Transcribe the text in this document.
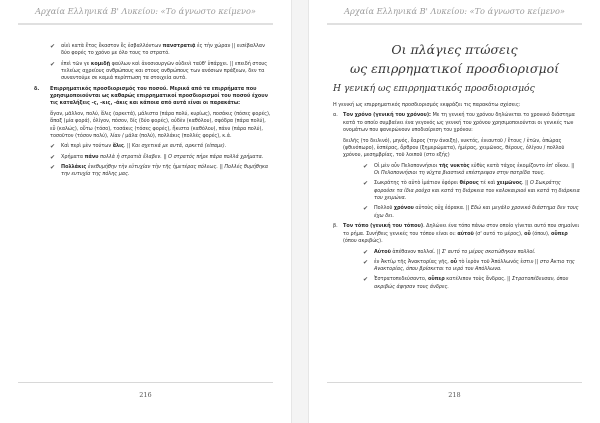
Αρχαία Ελληνικά Β' Λυκείου: «Το άγνωστο κείμενο»
✔ αἰεὶ κατὰ ἔτος ἕκαστον ἔς ἐσβαλλόντων πανστρατιᾷ ἐς τὴν χώραν || εισέβαλλαν δύο φορές το χρόνο με όλο τους το στρατό.
✔ ἐπεὶ τῶν γε κομιδῇ φαύλων καὶ ἀνοσιουργῶν οὐδενὶ ταῦθ' ὑπάρχει. || επειδή στους τελείως αχρείους ανθρώπους και στους ανθρώπους των ανόσιων πράξεων, δεν τα συναντούμε σε καμιά περίπτωση τα στοιχεία αυτά.
δ. Επιρρηματικός προσδιορισμός του ποσού. Μερικά από τα επιρρήματα που χρησιμοποιούνται ως καθαρώς επιρρηματικοί προσδιορισμοί του ποσού έχουν τις καταλήξεις -ς, -κις, -άκις και κάποια από αυτά είναι οι παρακάτω:
ἅγαν, μᾶλλον, πολύ, ἅλις (αρκετά), μάλιστα (πάρα πολύ, κυρίως), ποσάκις (πόσες φορές), ἅπαξ (μία φορά), ὀλίγον, πόσον, δίς (δύο φορές), οὐδὲν (καθόλου), σφόδρα (πάρα πολύ), εὖ (καλώς), οὕτω (τόσο), τοσάκις (τόσες φορές), ἥκιστα (καθόλου), πάνυ (πάρα πολύ), τοσοῦτον (τόσον πολύ), λίαν / μάλα (πολύ), πολλάκις (πολλές φορές), κ.ά.
✔ Καὶ περὶ μὲν τούτων ἅλις. || Και σχετικά με αυτά, αρκετά (είπαμε).
✔ Χρήματα πάνυ πολλὰ ἡ στρατιὰ ἔλαβεν. || Ο στρατός πήρε πάρα πολλά χρήματα.
✔ Πολλάκις ἐνεθυμήθην τὴν εὐτυχίαν τὴν τῆς ἡμετέρας πόλεως. || Πολλές θυμήθηκα την ευτυχία της πόλης μας.
216
Αρχαία Ελληνικά Β' Λυκείου: «Το άγνωστο κείμενο»
Οι πλάγιες πτώσεις
ως επιρρηματικοί προσδιορισμοί
Η γενική ως επιρρηματικός προσδιορισμός
Η γενική ως επιρρηματικός προσδιορισμός εκφράζει τις παρακάτω σχέσεις:
α. Τον χρόνο (γενική του χρόνου): Με τη γενική του χρόνου δηλώνεται το χρονικό διάστημα κατά το οποίο συμβαίνει ένα γεγονός ως γενική του χρόνου χρησιμοποιούνται οι γενικές των ονομάτων που φανερώνουν υποδιαίρεση του χρόνου:
δειλῆς (το δειλινό), μηνός, ἔαρος (την άνοιξη), νυκτός, ἐνιαυτοῦ / ἔτους / ἐτῶν, ὀπώρας (φθινόπωρο), ἑσπέρας, ὄρθρου (ξημερώματα), ἡμέρας, χειμῶνος, θέρους, ὀλίγου / πολλοῦ χρόνου, μεσημβρίας, τοῦ λοιποῦ (στο εξής)
✔ Οἱ μὲν οὖν Πελοποννήσιοι τῆς νυκτὸς εὐθὺς κατὰ τάχος ἐκομίζοντο ἐπ' οἴκου. || Οι Πελοποννήσιοι τη νύχτα βιαστικά επέστρεψαν στην πατρίδα τους.
✔ Σωκράτης τὸ αὐτὸ ἱμάτιον ἐφόρει θέρους τέ καὶ χειμῶνος. || Ο Σωκράτης φορούσε τα ίδια ρούχα και κατά τη διάρκεια του καλοκαιριού και κατά τη διάρκεια του χειμώνα.
✔ Πολλοῦ χρόνου αὐτοὺς οὐχ ἑόρακα. || Εδώ και μεγάλο χρονικό διάστημα δεν τους έχω δει.
β. Τον τόπο (γενική του τόπου). Δηλώνει ένα τόπο πάνω στον οποίο γίνεται αυτό που σημαίνει το ρήμα. Συνήθεις γενικές του τόπου είναι οι: αὐτοῦ (σ' αυτό το μέρος), οὗ (όπου), οὗπερ (όπου ακριβώς).
✔ Αὐτοῦ ἀπέθανον πολλοί. || Σ' αυτό το μέρος σκοτώθηκαν πολλοί.
✔ ἐν Ἀκτίῳ τῆς Ἀνακτορίας γῆς, οὗ τὸ ἱερὸν τοῦ Ἀπόλλωνός ἐστιν || στο Άκτιο της Ανακτορίας, όπου βρίσκεται το ιερό του Απόλλωνα.
✔ Ἐστρατοπεδεύσαντο, οὗπερ κατέλιπον τοὺς ἄνδρας. || Στρατοπέδευσαν, όπου ακριβώς άφησαν τους άνδρες.
218
